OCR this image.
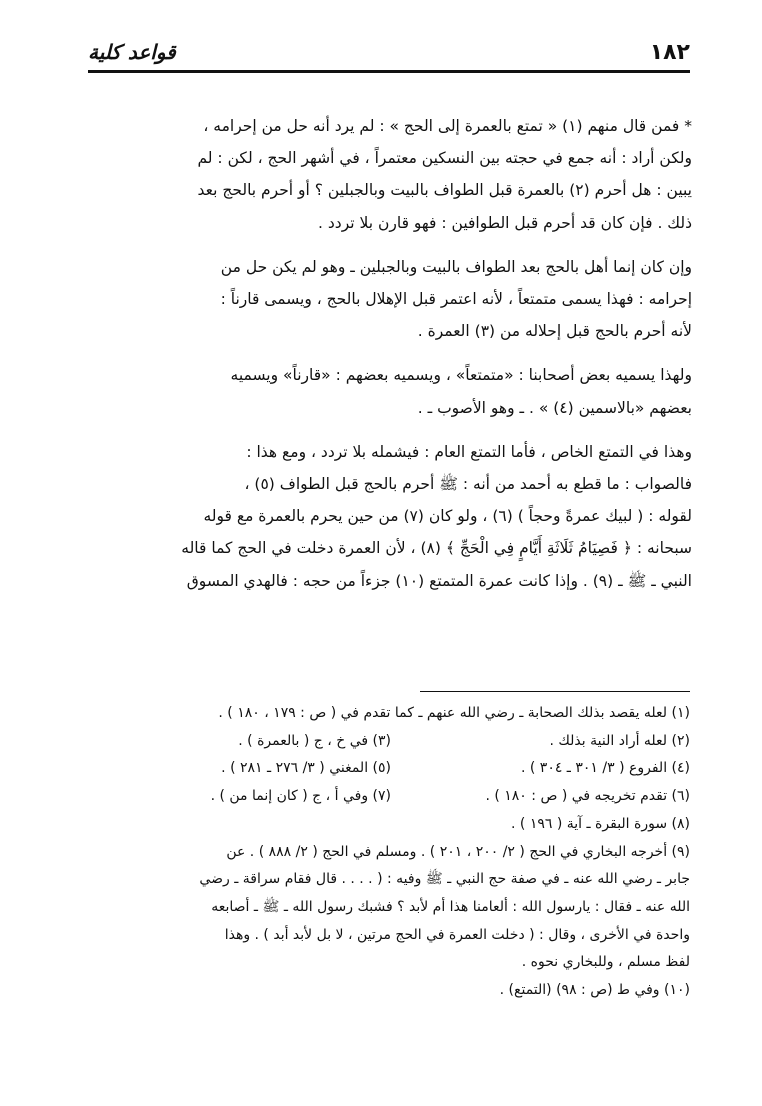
قواعد كلية	١٨٢

* فمن قال منهم (١) « تمتع بالعمرة إلى الحج » : لم يرد أنه حل من إحرامه ،

ولكن أراد : أنه جمع في حجته بين النسكين معتمراً ، في أشهر الحج ، لكن : لم

يبين : هل أحرم (٢) بالعمرة قبل الطواف بالبيت وبالجبلين ؟ أو أحرم بالحج بعد

ذلك . فإن كان قد أحرم قبل الطوافين : فهو قارن بلا تردد .

وإن كان إنما أهل بالحج بعد الطواف بالبيت وبالجبلين ـ وهو لم يكن حل من

إحرامه : فهذا يسمى متمتعاً ، لأنه اعتمر قبل الإهلال بالحج ، ويسمى قارناً :

لأنه أحرم بالحج قبل إحلاله من (٣) العمرة .

ولهذا يسميه بعض أصحابنا : «متمتعاً» ، ويسميه بعضهم : «قارناً» ويسميه

بعضهم «بالاسمين (٤) » . ـ وهو الأصوب ـ .

وهذا في التمتع الخاص ، فأما التمتع العام : فيشمله بلا تردد ، ومع هذا :

فالصواب : ما قطع به أحمد من أنه : ﷺ أحرم بالحج قبل الطواف (٥) ،

لقوله : ( لبيك عمرةً وحجاً ) (٦) ، ولو كان (٧) من حين يحرم بالعمرة مع قوله

سبحانه : ﴿ فَصِيَامُ ثَلَاثَةِ أَيَّامٍ فِي الْحَجِّ ﴾ (٨) ، لأن العمرة دخلت في الحج كما قاله

النبي ـ ﷺ ـ (٩) . وإذا كانت عمرة المتمتع (١٠) جزءاً من حجه : فالهدي المسوق

(١) لعله يقصد بذلك الصحابة ـ رضي الله عنهم ـ كما تقدم في ( ص : ١٧٩ ، ١٨٠ ) .
(٢) لعله أراد النية بذلك .
(٣) في خ ، ج ( بالعمرة ) .
(٤) الفروع ( ٣/ ٣٠١ ـ ٣٠٤ ) .
(٥) المغني ( ٣/ ٢٧٦ ـ ٢٨١ ) .
(٦) تقدم تخريجه في ( ص : ١٨٠ ) .
(٧) وفي أ ، ج ( كان إنما من ) .
(٨) سورة البقرة ـ آية ( ١٩٦ ) .

(٩) أخرجه البخاري في الحج ( ٢/ ٢٠٠ ، ٢٠١ ) . ومسلم في الحج ( ٢/ ٨٨٨ ) . عن

جابر ـ رضي الله عنه ـ في صفة حج النبي ـ ﷺ وفيه : ( . . . . قال فقام سراقة ـ رضي

الله عنه ـ فقال : يارسول الله : ألعامنا هذا أم لأبد ؟ فشبك رسول الله ـ ﷺ ـ أصابعه

واحدة في الأخرى ، وقال : ( دخلت العمرة في الحج مرتين ، لا بل لأبد أبد ) . وهذا

لفظ مسلم ، وللبخاري نحوه .

(١٠) وفي ط (ص : ٩٨) (التمتع) .
